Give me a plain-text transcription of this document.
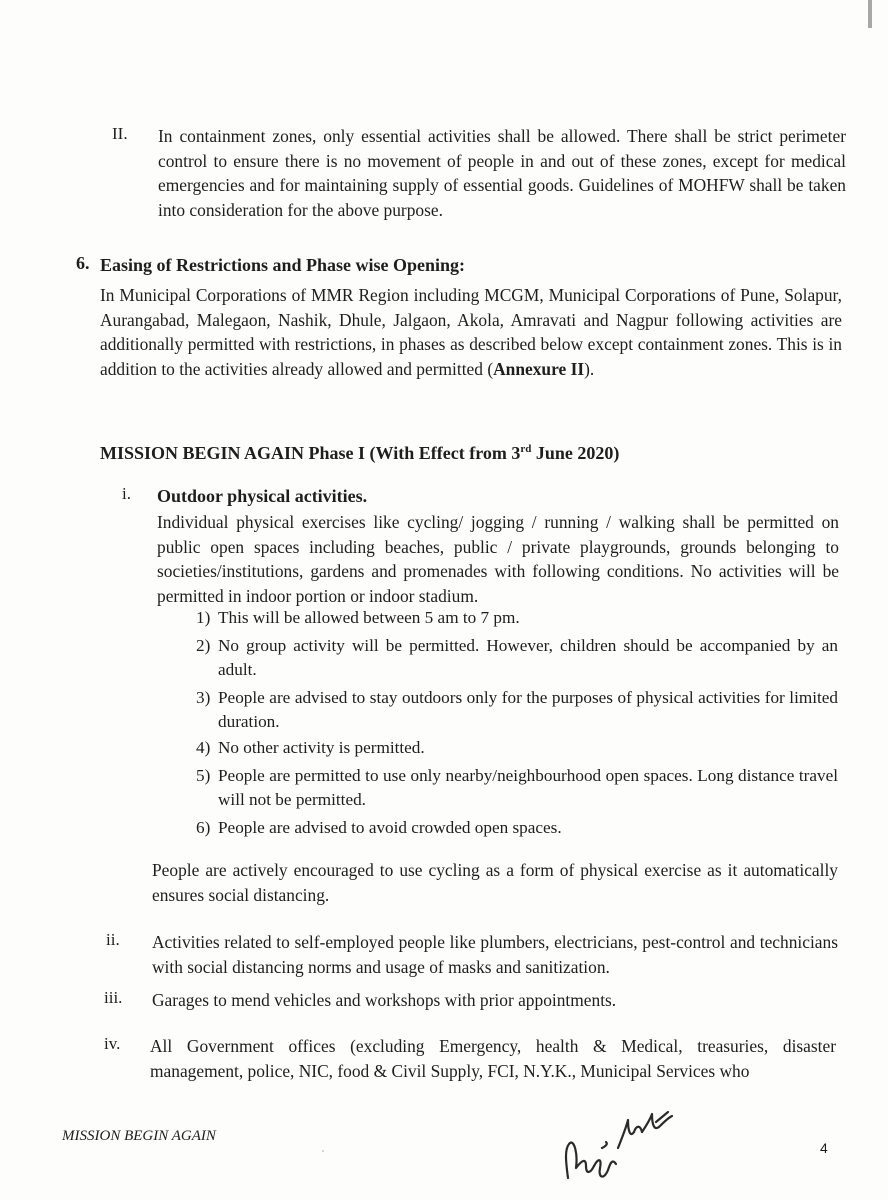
II. In containment zones, only essential activities shall be allowed. There shall be strict perimeter control to ensure there is no movement of people in and out of these zones, except for medical emergencies and for maintaining supply of essential goods. Guidelines of MOHFW shall be taken into consideration for the above purpose.

6. Easing of Restrictions and Phase wise Opening:

In Municipal Corporations of MMR Region including MCGM, Municipal Corporations of Pune, Solapur, Aurangabad, Malegaon, Nashik, Dhule, Jalgaon, Akola, Amravati and Nagpur following activities are additionally permitted with restrictions, in phases as described below except containment zones. This is in addition to the activities already allowed and permitted (Annexure II).

MISSION BEGIN AGAIN Phase I (With Effect from 3rd June 2020)
i. Outdoor physical activities.

Individual physical exercises like cycling/ jogging / running / walking shall be permitted on public open spaces including beaches, public / private playgrounds, grounds belonging to societies/institutions, gardens and promenades with following conditions. No activities will be permitted in indoor portion or indoor stadium.

1) This will be allowed between 5 am to 7 pm.
2) No group activity will be permitted. However, children should be accompanied by an adult.
3) People are advised to stay outdoors only for the purposes of physical activities for limited duration.
4) No other activity is permitted.
5) People are permitted to use only nearby/neighbourhood open spaces. Long distance travel will not be permitted.
6) People are advised to avoid crowded open spaces.

People are actively encouraged to use cycling as a form of physical exercise as it automatically ensures social distancing.

ii. Activities related to self-employed people like plumbers, electricians, pest-control and technicians with social distancing norms and usage of masks and sanitization.

iii. Garages to mend vehicles and workshops with prior appointments.

iv. All Government offices (excluding Emergency, health & Medical, treasuries, disaster management, police, NIC, food & Civil Supply, FCI, N.Y.K., Municipal Services who

MISSION BEGIN AGAIN
4
